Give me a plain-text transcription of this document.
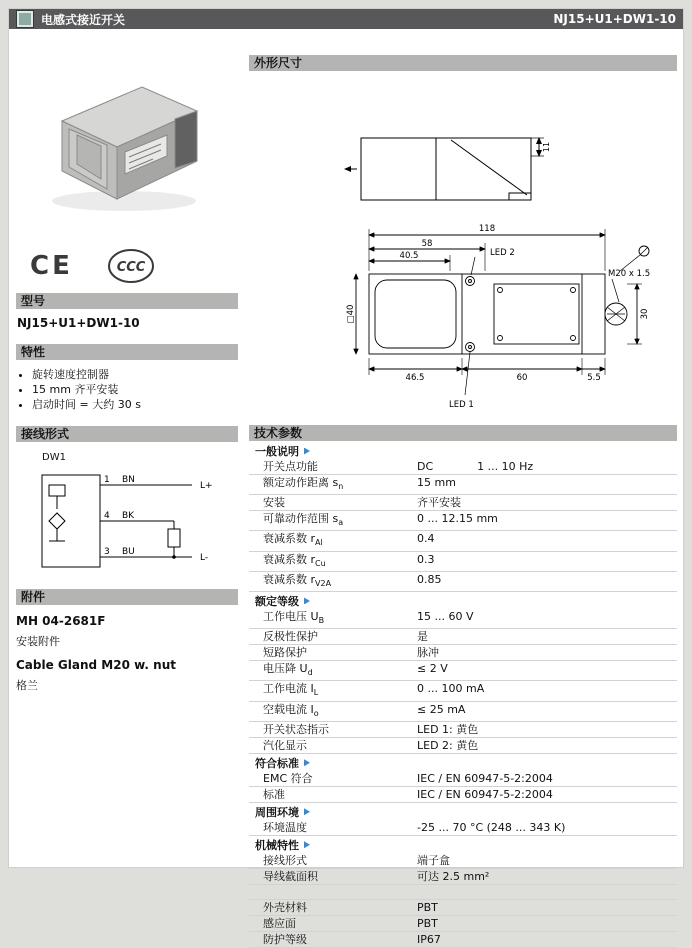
电感式接近开关	NJ15+U1+DW1-10
CE	CCC
型号
NJ15+U1+DW1-10
特性
• 旋转速度控制器
• 15 mm 齐平安装
• 启动时间 = 大约 30 s
接线形式
DW1
1 BN
L+
4 BK
3 BU
L-
附件
MH 04-2681F
安装附件
Cable Gland M20 w. nut
格兰
外形尺寸
11
118
58
40.5	LED 2
46.5	60	5.5
30
□40
M20 x 1.5
LED 1
技术参数
一般说明
开关点功能	DC	1 ... 10 Hz
额定动作距离 $s_n$	15 mm
安装	齐平安装
可靠动作范围 $s_a$	0 ... 12.15 mm
衰减系数 $r_{Al}$	0.4
衰减系数 $r_{Cu}$	0.3
衰减系数 $r_{V2A}$	0.85
额定等级
工作电压 $U_B$	15 ... 60 V
反极性保护	是
短路保护	脉冲
电压降 $U_d$	≤ 2 V
工作电流 $I_L$	0 ... 100 mA
空载电流 $I_o$	≤ 25 mA
开关状态指示	LED 1: 黄色
汽化显示	LED 2: 黄色
符合标准
EMC 符合	IEC / EN 60947-5-2:2004
标准	IEC / EN 60947-5-2:2004
周围环境
环境温度	-25 ... 70 °C (248 ... 343 K)
机械特性
接线形式	端子盒
导线截面积	可达 2.5 mm²
外壳材料	PBT
感应面	PBT
防护等级	IP67
